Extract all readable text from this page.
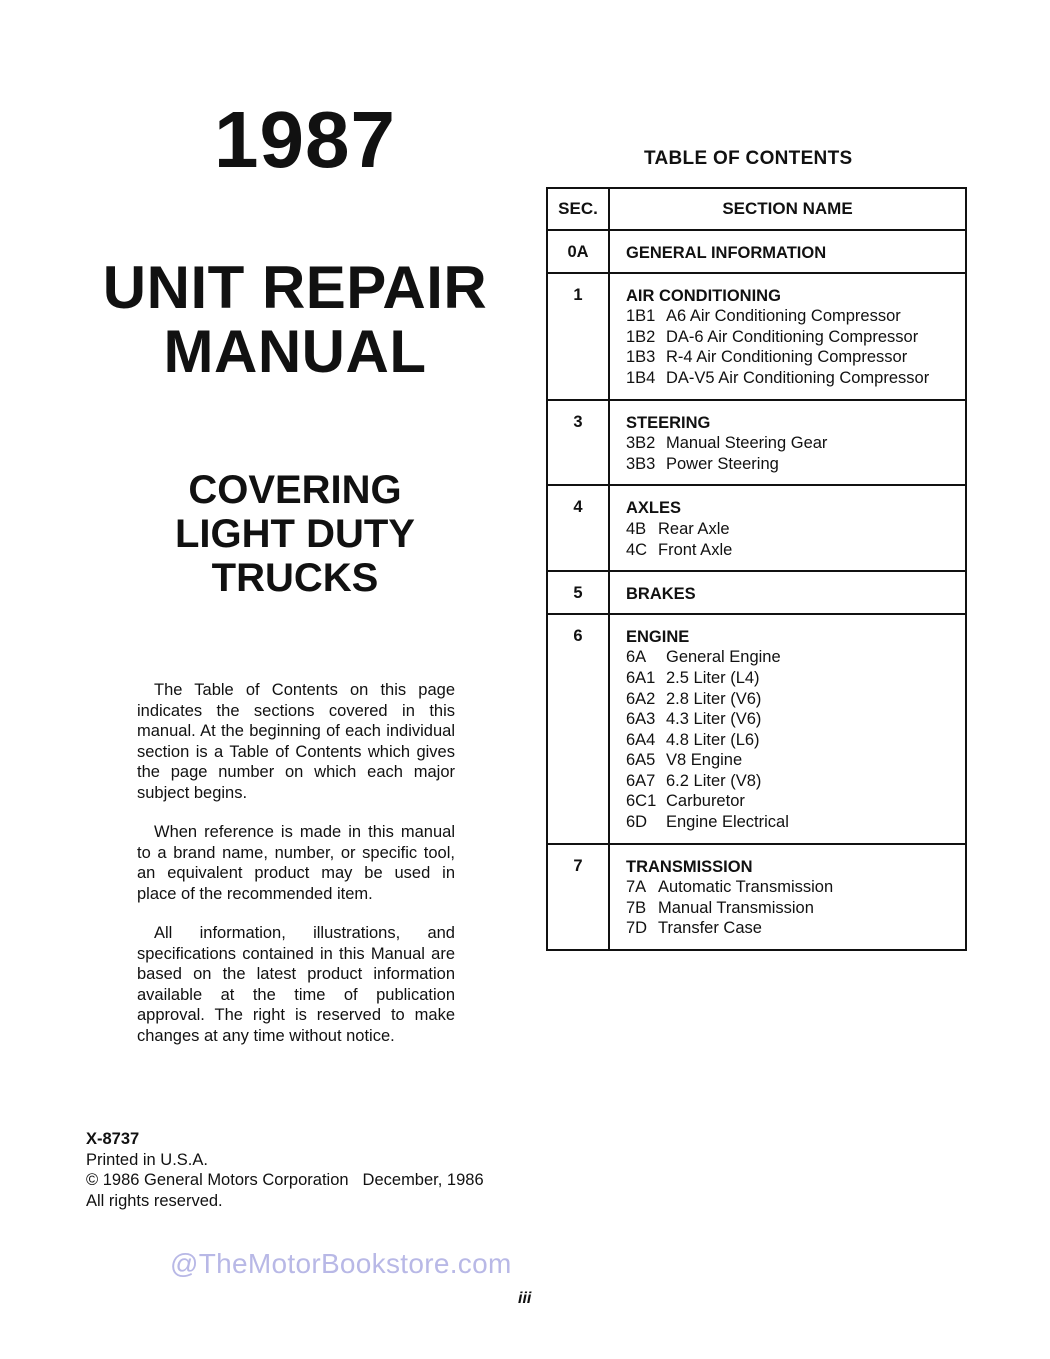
1987
UNIT REPAIR
MANUAL
COVERING
LIGHT DUTY
TRUCKS

The Table of Contents on this page indicates the sections covered in this manual. At the beginning of each individual section is a Table of Contents which gives the page number on which each major subject begins.

When reference is made in this manual to a brand name, number, or specific tool, an equivalent product may be used in place of the recommended item.

All information, illustrations, and specifications contained in this Manual are based on the latest product information available at the time of publication approval. The right is reserved to make changes at any time without notice.

X-8737
Printed in U.S.A.
© 1986 General Motors Corporation December, 1986
All rights reserved.
@TheMotorBookstore.com
iii
TABLE OF CONTENTS
SEC.	SECTION NAME
0A	GENERAL INFORMATION

1	AIR CONDITIONING
1B1 A6 Air Conditioning Compressor
1B2 DA-6 Air Conditioning Compressor
1B3 R-4 Air Conditioning Compressor
1B4 DA-V5 Air Conditioning Compressor

3	STEERING
3B2 Manual Steering Gear
3B3 Power Steering

4	AXLES
4B Rear Axle
4C Front Axle

5	BRAKES

6	ENGINE
6A General Engine
6A1 2.5 Liter (L4)
6A2 2.8 Liter (V6)
6A3 4.3 Liter (V6)
6A4 4.8 Liter (L6)
6A5 V8 Engine
6A7 6.2 Liter (V8)
6C1 Carburetor
6D Engine Electrical

7	TRANSMISSION
7A Automatic Transmission
7B Manual Transmission
7D Transfer Case
